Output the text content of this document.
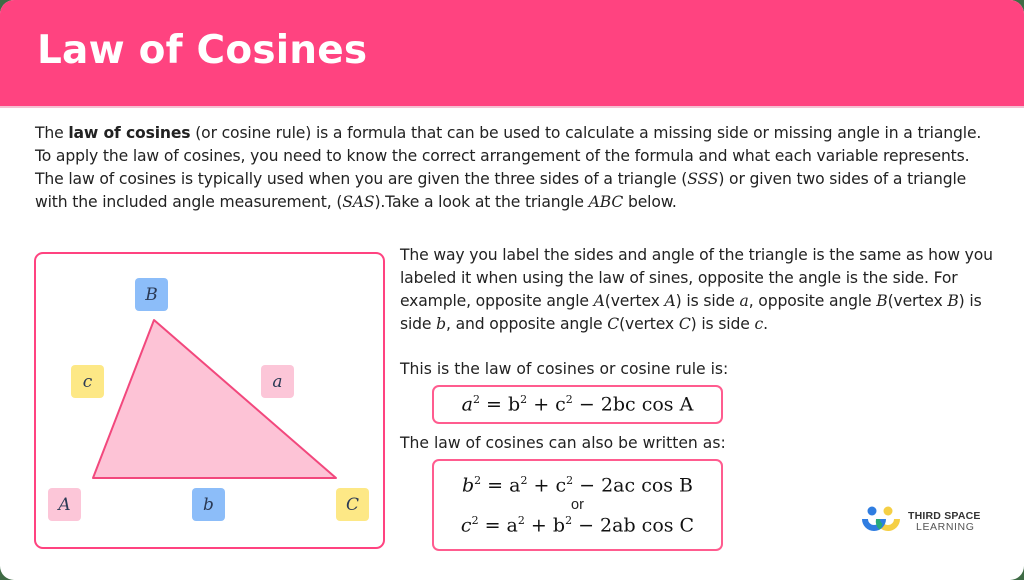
Law of Cosines
The law of cosines (or cosine rule) is a formula that can be used to calculate a missing side or missing angle in a triangle. To apply the law of cosines, you need to know the correct arrangement of the formula and what each variable represents. The law of cosines is typically used when you are given the three sides of a triangle (SSS) or given two sides of a triangle with the included angle measurement, (SAS).Take a look at the triangle ABC below.
B
c	a
A	b	C
The way you label the sides and angle of the triangle is the same as how you labeled it when using the law of sines, opposite the angle is the side. For example, opposite angle A(vertex A) is side a, opposite angle B(vertex B) is side b, and opposite angle C(vertex C) is side c.
This is the law of cosines or cosine rule is:
$a^2 = b^2 + c^2 - 2bc$ cos A
The law of cosines can also be written as:
$b^2 = a^2 + c^2 - 2ac$ cos B
or
$c^2 = a^2 + b^2 - 2ab$ cos C	THIRD SPACE
LEARNING
